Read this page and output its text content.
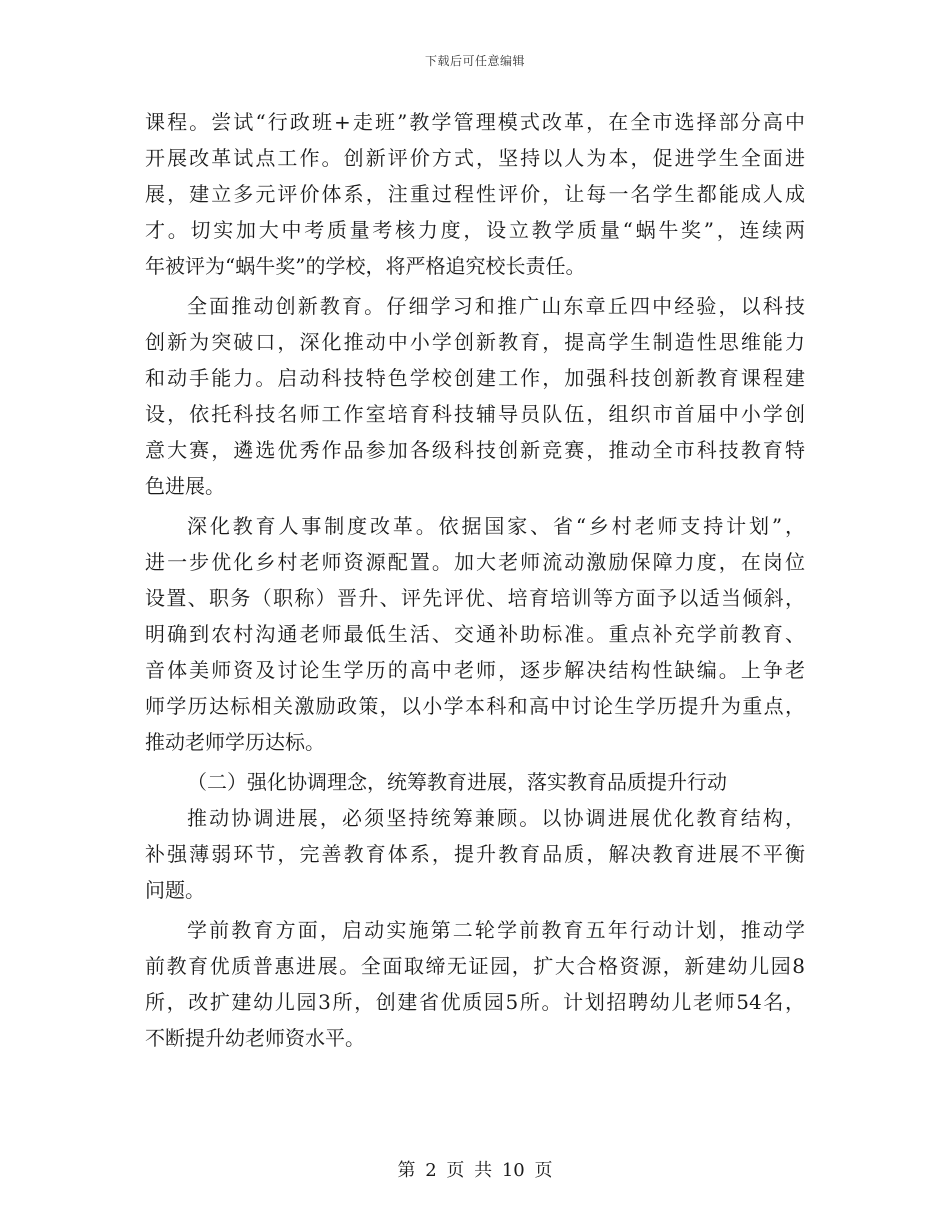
下载后可任意编辑
课程。尝试“行政班+走班”教学管理模式改革，在全市选择部分高中
开展改革试点工作。创新评价方式，坚持以人为本，促进学生全面进
展，建立多元评价体系，注重过程性评价，让每一名学生都能成人成
才。切实加大中考质量考核力度，设立教学质量“蜗牛奖”，连续两
年被评为“蜗牛奖”的学校，将严格追究校长责任。
全面推动创新教育。仔细学习和推广山东章丘四中经验，以科技
创新为突破口，深化推动中小学创新教育，提高学生制造性思维能力
和动手能力。启动科技特色学校创建工作，加强科技创新教育课程建
设，依托科技名师工作室培育科技辅导员队伍，组织市首届中小学创
意大赛，遴选优秀作品参加各级科技创新竞赛，推动全市科技教育特
色进展。
深化教育人事制度改革。依据国家、省“乡村老师支持计划”，
进一步优化乡村老师资源配置。加大老师流动激励保障力度，在岗位
设置、职务（职称）晋升、评先评优、培育培训等方面予以适当倾斜，
明确到农村沟通老师最低生活、交通补助标准。重点补充学前教育、
音体美师资及讨论生学历的高中老师，逐步解决结构性缺编。上争老
师学历达标相关激励政策，以小学本科和高中讨论生学历提升为重点，
推动老师学历达标。
（二）强化协调理念，统筹教育进展，落实教育品质提升行动
推动协调进展，必须坚持统筹兼顾。以协调进展优化教育结构，
补强薄弱环节，完善教育体系，提升教育品质，解决教育进展不平衡
问题。
学前教育方面，启动实施第二轮学前教育五年行动计划，推动学
前教育优质普惠进展。全面取缔无证园，扩大合格资源，新建幼儿园8
所，改扩建幼儿园3所，创建省优质园5所。计划招聘幼儿老师54名，
不断提升幼老师资水平。
第 2 页 共 10 页
